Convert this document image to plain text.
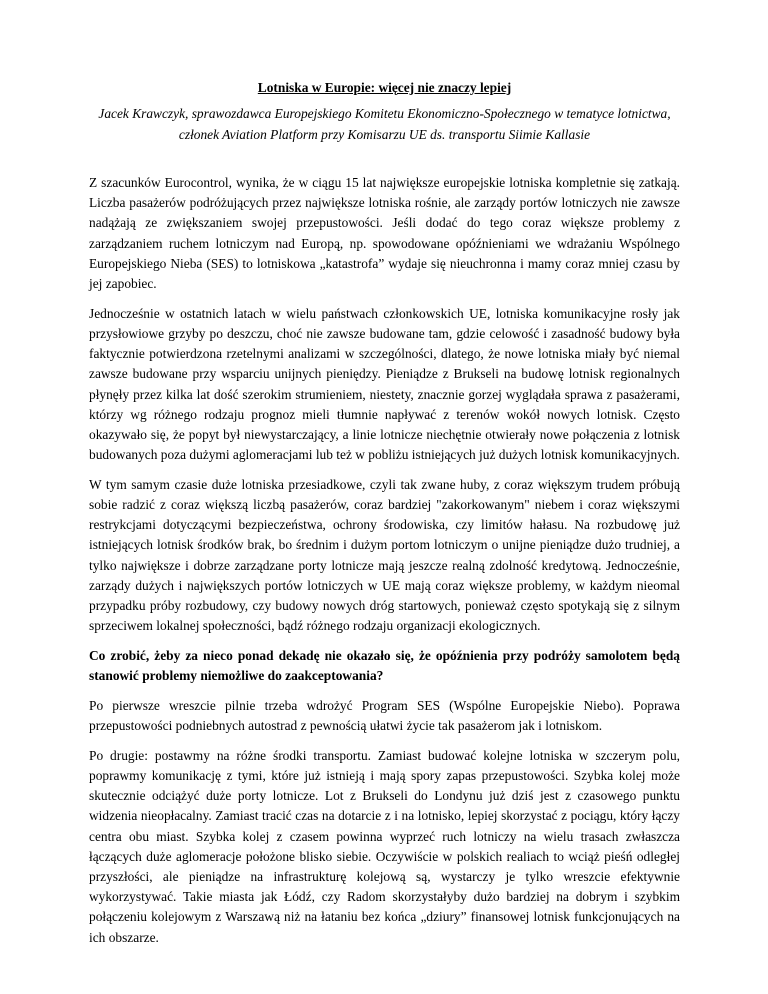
Lotniska w Europie: więcej nie znaczy lepiej
Jacek Krawczyk, sprawozdawca Europejskiego Komitetu Ekonomiczno-Społecznego w tematyce lotnictwa, członek Aviation Platform przy Komisarzu UE ds. transportu Siimie Kallasie

Z szacunków Eurocontrol, wynika, że w ciągu 15 lat największe europejskie lotniska kompletnie się zatkają. Liczba pasażerów podróżujących przez największe lotniska rośnie, ale zarządy portów lotniczych nie zawsze nadążają ze zwiększaniem swojej przepustowości. Jeśli dodać do tego coraz większe problemy z zarządzaniem ruchem lotniczym nad Europą, np. spowodowane opóźnieniami we wdrażaniu Wspólnego Europejskiego Nieba (SES) to lotniskowa „katastrofa” wydaje się nieuchronna i mamy coraz mniej czasu by jej zapobiec.

Jednocześnie w ostatnich latach w wielu państwach członkowskich UE, lotniska komunikacyjne rosły jak przysłowiowe grzyby po deszczu, choć nie zawsze budowane tam, gdzie celowość i zasadność budowy była faktycznie potwierdzona rzetelnymi analizami w szczególności, dlatego, że nowe lotniska miały być niemal zawsze budowane przy wsparciu unijnych pieniędzy. Pieniądze z Brukseli na budowę lotnisk regionalnych płynęły przez kilka lat dość szerokim strumieniem, niestety, znacznie gorzej wyglądała sprawa z pasażerami, którzy wg różnego rodzaju prognoz mieli tłumnie napływać z terenów wokół nowych lotnisk. Często okazywało się, że popyt był niewystarczający, a linie lotnicze niechętnie otwierały nowe połączenia z lotnisk budowanych poza dużymi aglomeracjami lub też w pobliżu istniejących już dużych lotnisk komunikacyjnych.

W tym samym czasie duże lotniska przesiadkowe, czyli tak zwane huby, z coraz większym trudem próbują sobie radzić z coraz większą liczbą pasażerów, coraz bardziej "zakorkowanym" niebem i coraz większymi restrykcjami dotyczącymi bezpieczeństwa, ochrony środowiska, czy limitów hałasu. Na rozbudowę już istniejących lotnisk środków brak, bo średnim i dużym portom lotniczym o unijne pieniądze dużo trudniej, a tylko największe i dobrze zarządzane porty lotnicze mają jeszcze realną zdolność kredytową. Jednocześnie, zarządy dużych i największych portów lotniczych w UE mają coraz większe problemy, w każdym nieomal przypadku próby rozbudowy, czy budowy nowych dróg startowych, ponieważ często spotykają się z silnym sprzeciwem lokalnej społeczności, bądź różnego rodzaju organizacji ekologicznych.

Co zrobić, żeby za nieco ponad dekadę nie okazało się, że opóźnienia przy podróży samolotem będą stanowić problemy niemożliwe do zaakceptowania?

Po pierwsze wreszcie pilnie trzeba wdrożyć Program SES (Wspólne Europejskie Niebo). Poprawa przepustowości podniebnych autostrad z pewnością ułatwi życie tak pasażerom jak i lotniskom.

Po drugie: postawmy na różne środki transportu. Zamiast budować kolejne lotniska w szczerym polu, poprawmy komunikację z tymi, które już istnieją i mają spory zapas przepustowości. Szybka kolej może skutecznie odciążyć duże porty lotnicze. Lot z Brukseli do Londynu już dziś jest z czasowego punktu widzenia nieopłacalny. Zamiast tracić czas na dotarcie z i na lotnisko, lepiej skorzystać z pociągu, który łączy centra obu miast. Szybka kolej z czasem powinna wyprzeć ruch lotniczy na wielu trasach zwłaszcza łączących duże aglomeracje położone blisko siebie. Oczywiście w polskich realiach to wciąż pieśń odległej przyszłości, ale pieniądze na infrastrukturę kolejową są, wystarczy je tylko wreszcie efektywnie wykorzystywać. Takie miasta jak Łódź, czy Radom skorzystałyby dużo bardziej na dobrym i szybkim połączeniu kolejowym z Warszawą niż na łataniu bez końca „dziury” finansowej lotnisk funkcjonujących na ich obszarze.
